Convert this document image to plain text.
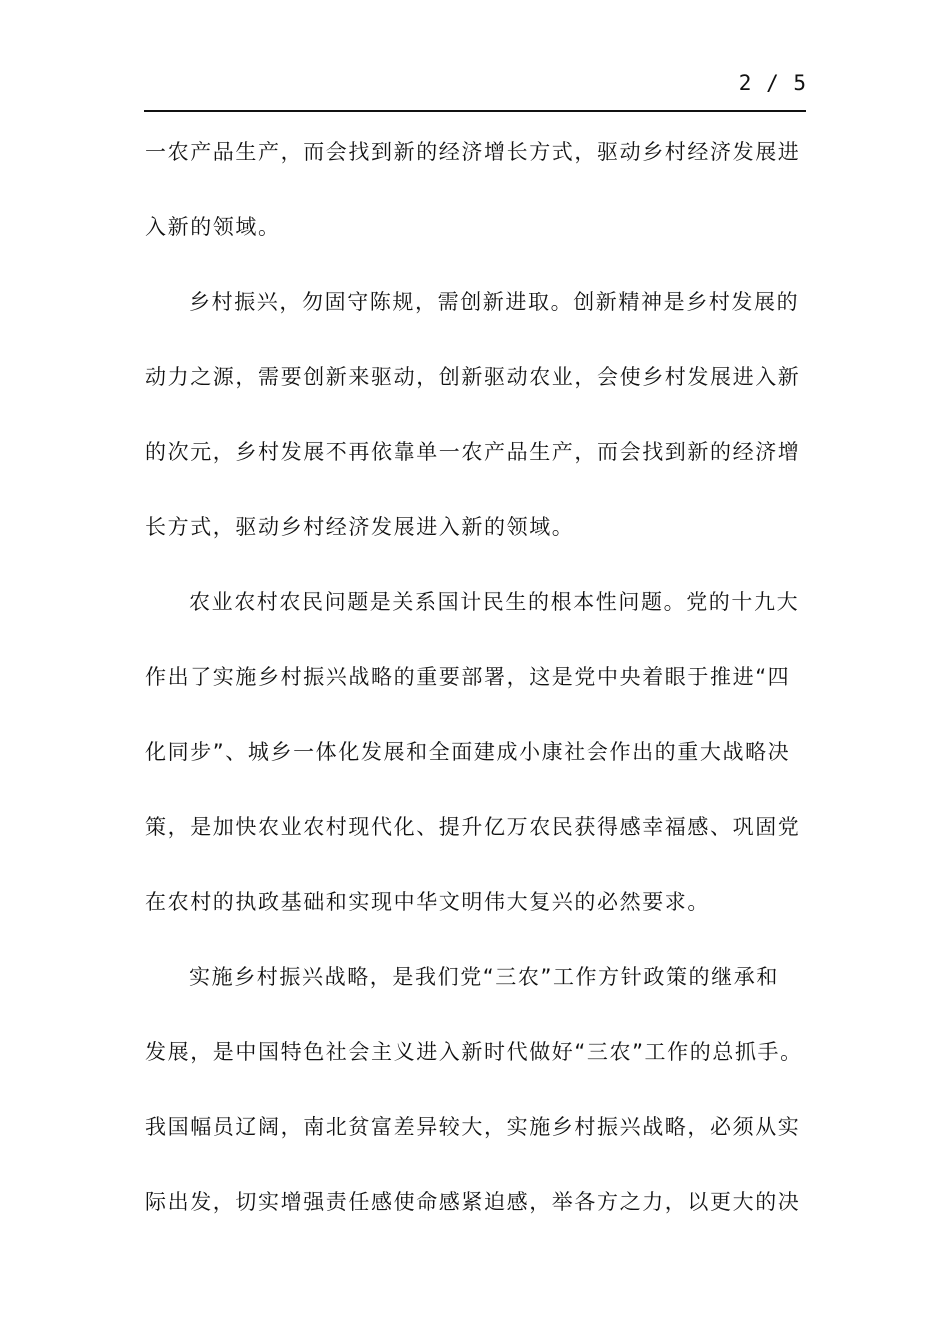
2 / 5
一农产品生产，而会找到新的经济增长方式，驱动乡村经济发展进
入新的领域。
乡村振兴，勿固守陈规，需创新进取。创新精神是乡村发展的
动力之源，需要创新来驱动，创新驱动农业，会使乡村发展进入新
的次元，乡村发展不再依靠单一农产品生产，而会找到新的经济增
长方式，驱动乡村经济发展进入新的领域。
农业农村农民问题是关系国计民生的根本性问题。党的十九大
作出了实施乡村振兴战略的重要部署，这是党中央着眼于推进“四
化同步”、城乡一体化发展和全面建成小康社会作出的重大战略决
策，是加快农业农村现代化、提升亿万农民获得感幸福感、巩固党
在农村的执政基础和实现中华文明伟大复兴的必然要求。
实施乡村振兴战略，是我们党“三农”工作方针政策的继承和
发展，是中国特色社会主义进入新时代做好“三农”工作的总抓手。
我国幅员辽阔，南北贫富差异较大，实施乡村振兴战略，必须从实
际出发，切实增强责任感使命感紧迫感，举各方之力，以更大的决
